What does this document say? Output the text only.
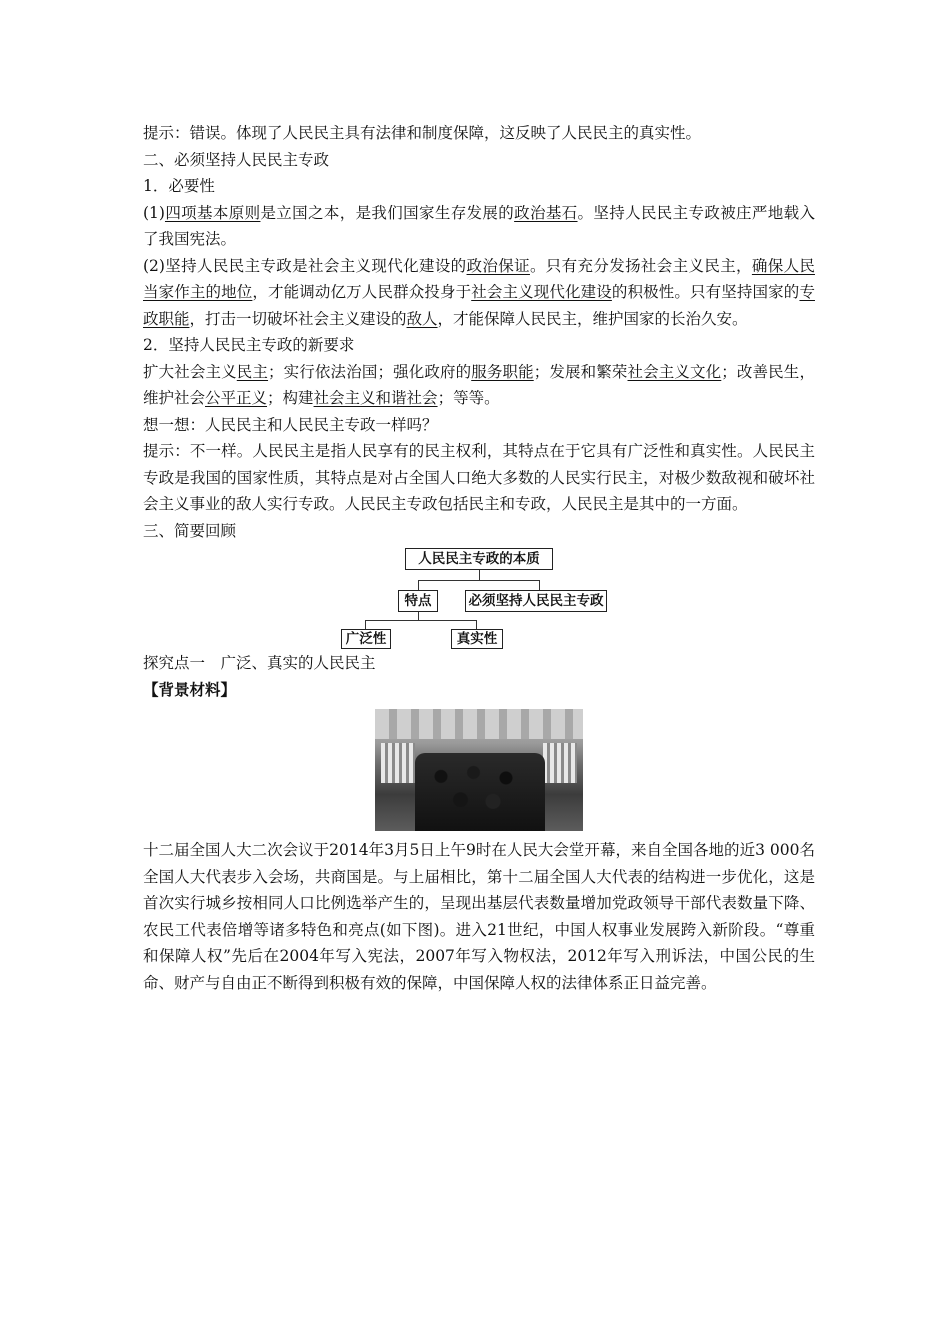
提示：错误。体现了人民民主具有法律和制度保障，这反映了人民民主的真实性。

二、必须坚持人民民主专政

1．必要性

(1)四项基本原则是立国之本，是我们国家生存发展的政治基石。坚持人民民主专政被庄严地载入了我国宪法。

(2)坚持人民民主专政是社会主义现代化建设的政治保证。只有充分发扬社会主义民主，确保人民当家作主的地位，才能调动亿万人民群众投身于社会主义现代化建设的积极性。只有坚持国家的专政职能，打击一切破坏社会主义建设的敌人，才能保障人民民主，维护国家的长治久安。

2．坚持人民民主专政的新要求

扩大社会主义民主；实行依法治国；强化政府的服务职能；发展和繁荣社会主义文化；改善民生，维护社会公平正义；构建社会主义和谐社会；等等。

想一想：人民民主和人民民主专政一样吗？

提示：不一样。人民民主是指人民享有的民主权利，其特点在于它具有广泛性和真实性。人民民主专政是我国的国家性质，其特点是对占全国人口绝大多数的人民实行民主，对极少数敌视和破坏社会主义事业的敌人实行专政。人民民主专政包括民主和专政，人民民主是其中的一方面。

三、简要回顾

人民民主专政的本质
特点	必须坚持人民民主专政
广泛性	真实性

探究点一　广泛、真实的人民民主

【背景材料】

十二届全国人大二次会议于2014年3月5日上午9时在人民大会堂开幕，来自全国各地的近3 000名全国人大代表步入会场，共商国是。与上届相比，第十二届全国人大代表的结构进一步优化，这是首次实行城乡按相同人口比例选举产生的，呈现出基层代表数量增加党政领导干部代表数量下降、农民工代表倍增等诸多特色和亮点(如下图)。进入21世纪，中国人权事业发展跨入新阶段。“尊重和保障人权”先后在2004年写入宪法，2007年写入物权法，2012年写入刑诉法，中国公民的生命、财产与自由正不断得到积极有效的保障，中国保障人权的法律体系正日益完善。
